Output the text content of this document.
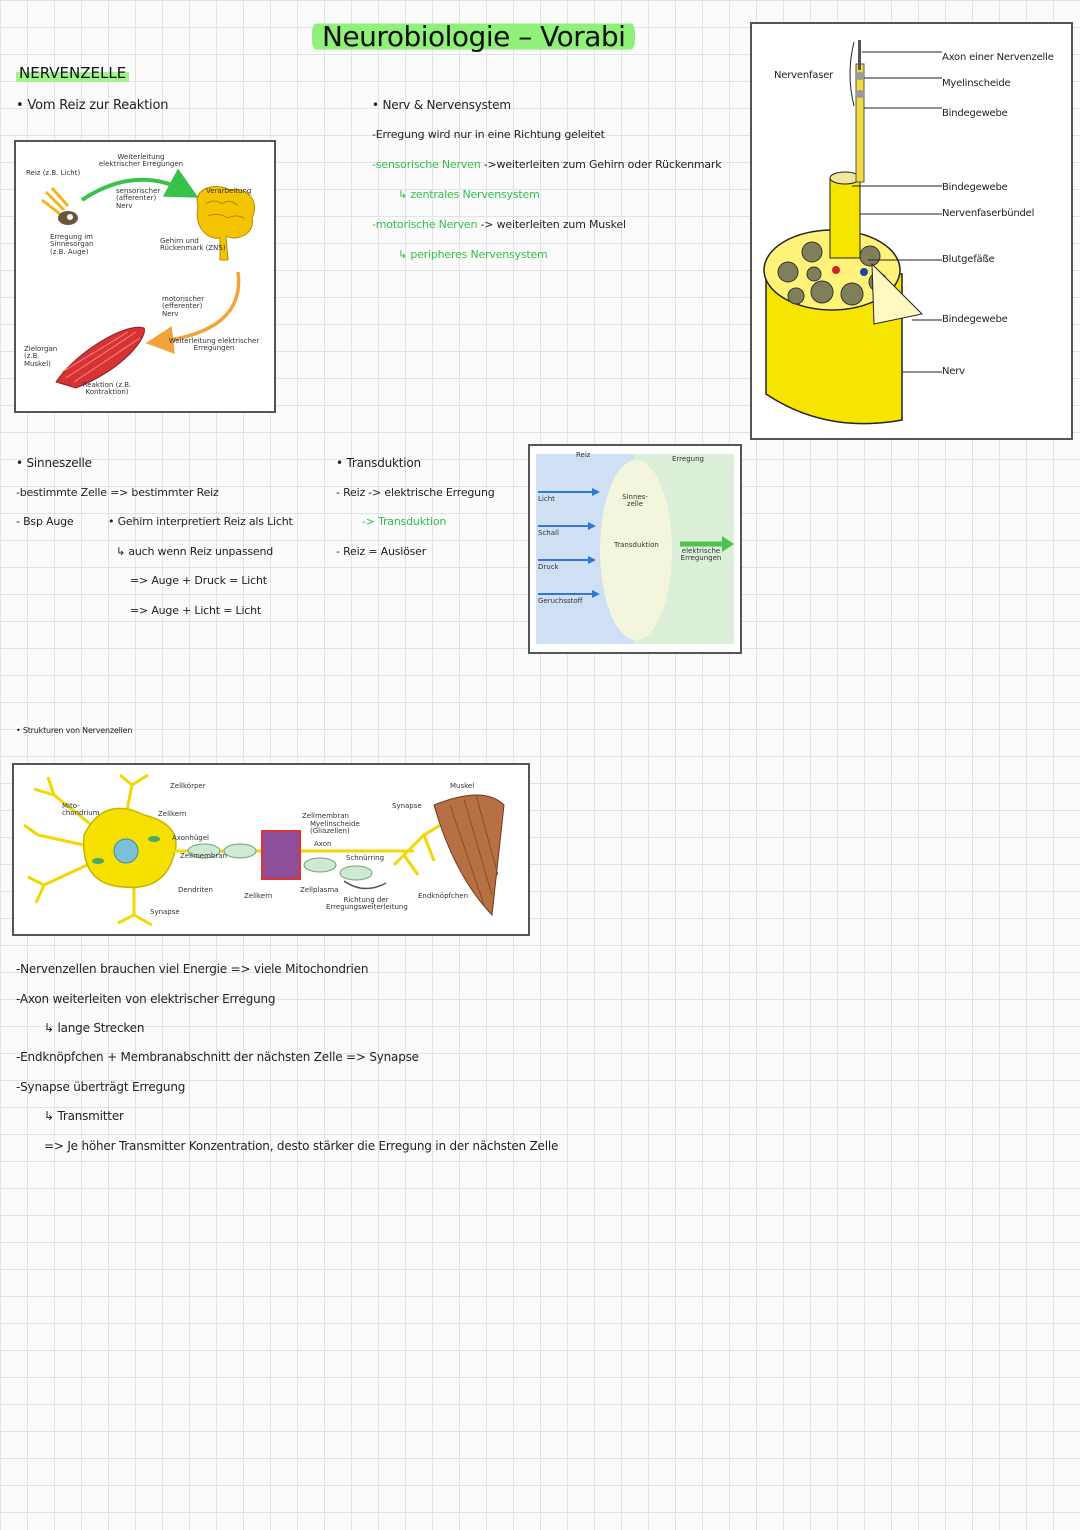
Neurobiologie – Vorabi
NERVENZELLE
• Vom Reiz zur Reaktion
Reiz (z.B. Licht)
Erregung im Sinnesorgan (z.B. Auge)
Weiterleitung elektrischer Erregungen
sensorischer (afferenter) Nerv
Verarbeitung
Gehirn und Rückenmark (ZNS)
motorischer (efferenter) Nerv
Weiterleitung elektrischer Erregungen
Zielorgan (z.B. Muskel)
Reaktion (z.B. Kontraktion)
• Nerv & Nervensystem
-Erregung wird nur in eine Richtung geleitet
-sensorische Nerven ->weiterleiten zum Gehirn oder Rückenmark
↳ zentrales Nervensystem
-motorische Nerven -> weiterleiten zum Muskel
↳ peripheres Nervensystem
Nervenfaser
Axon einer Nervenzelle
Myelinscheide
Bindegewebe
Bindegewebe
Nervenfaserbündel
Blutgefäße
Bindegewebe
Nerv
• Sinneszelle
-bestimmte Zelle => bestimmter Reiz
- Bsp Auge	• Gehirn interpretiert Reiz als Licht
↳ auch wenn Reiz unpassend
=> Auge + Druck = Licht
=> Auge + Licht = Licht
• Transduktion
- Reiz -> elektrische Erregung
-> Transduktion
- Reiz = Auslöser
Reiz	Erregung
Licht
Schall
Druck
Geruchsstoff
Sinnes- zelle
Transduktion
elektrische Erregungen
• Strukturen von Nervenzellen
Mito- chondrium
Zellkörper
Zellkern
Axonhügel
Zellmembran
Dendriten
Synapse
Zellkern
Zellmembran
Myelinscheide (Gliazellen)
Axon
Zellplasma
Schnürring
Richtung der Erregungsweiterleitung
Synapse
Muskel
Endknöpfchen
-Nervenzellen brauchen viel Energie => viele Mitochondrien
-Axon weiterleiten von elektrischer Erregung
↳ lange Strecken
-Endknöpfchen + Membranabschnitt der nächsten Zelle => Synapse
-Synapse überträgt Erregung
↳ Transmitter
=> Je höher Transmitter Konzentration, desto stärker die Erregung in der nächsten Zelle
